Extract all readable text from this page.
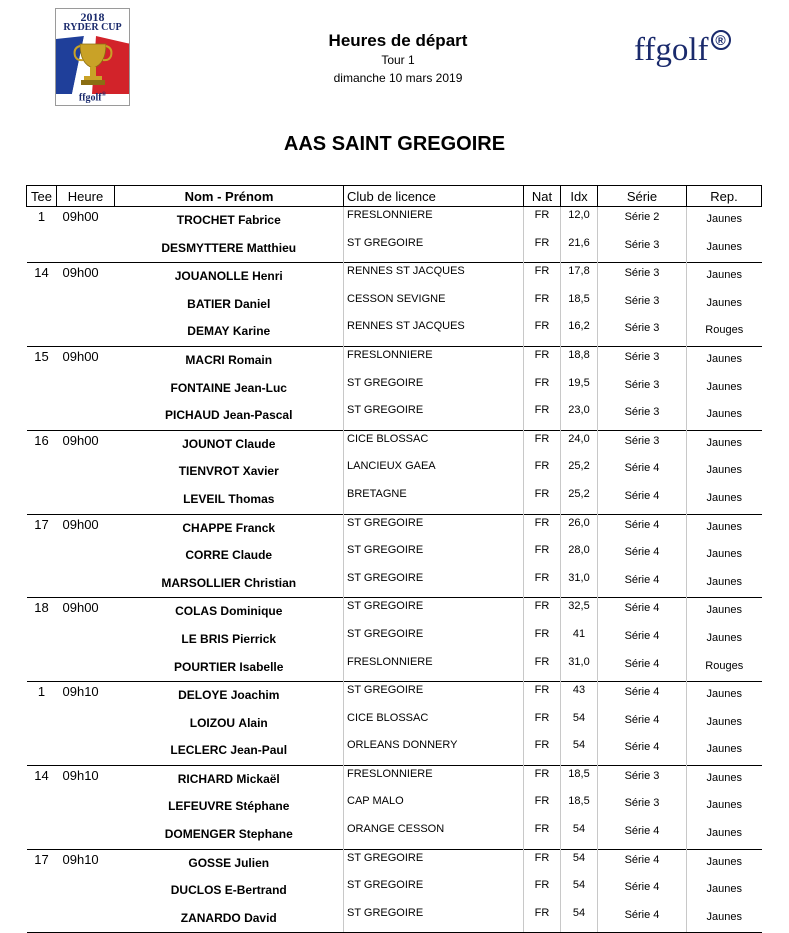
2018
RYDER CUP
ffgolf®
Heures de départ
Tour 1
dimanche 10 mars 2019
ffgolf ®
AAS SAINT GREGOIRE
Tee	Heure	Nom - Prénom	Club de licence	Nat	Idx	Série	Rep.
1	09h00	TROCHET Fabrice	FRESLONNIERE	FR	12,0	Série 2	Jaunes
		DESMYTTERE Matthieu	ST GREGOIRE	FR	21,6	Série 3	Jaunes
14	09h00	JOUANOLLE Henri	RENNES ST JACQUES	FR	17,8	Série 3	Jaunes
		BATIER Daniel	CESSON SEVIGNE	FR	18,5	Série 3	Jaunes
		DEMAY Karine	RENNES ST JACQUES	FR	16,2	Série 3	Rouges
15	09h00	MACRI Romain	FRESLONNIERE	FR	18,8	Série 3	Jaunes
		FONTAINE Jean-Luc	ST GREGOIRE	FR	19,5	Série 3	Jaunes
		PICHAUD Jean-Pascal	ST GREGOIRE	FR	23,0	Série 3	Jaunes
16	09h00	JOUNOT Claude	CICE BLOSSAC	FR	24,0	Série 3	Jaunes
		TIENVROT Xavier	LANCIEUX GAEA	FR	25,2	Série 4	Jaunes
		LEVEIL Thomas	BRETAGNE	FR	25,2	Série 4	Jaunes
17	09h00	CHAPPE Franck	ST GREGOIRE	FR	26,0	Série 4	Jaunes
		CORRE Claude	ST GREGOIRE	FR	28,0	Série 4	Jaunes
		MARSOLLIER Christian	ST GREGOIRE	FR	31,0	Série 4	Jaunes
18	09h00	COLAS Dominique	ST GREGOIRE	FR	32,5	Série 4	Jaunes
		LE BRIS Pierrick	ST GREGOIRE	FR	41	Série 4	Jaunes
		POURTIER Isabelle	FRESLONNIERE	FR	31,0	Série 4	Rouges
1	09h10	DELOYE Joachim	ST GREGOIRE	FR	43	Série 4	Jaunes
		LOIZOU Alain	CICE BLOSSAC	FR	54	Série 4	Jaunes
		LECLERC Jean-Paul	ORLEANS DONNERY	FR	54	Série 4	Jaunes
14	09h10	RICHARD Mickaël	FRESLONNIERE	FR	18,5	Série 3	Jaunes
		LEFEUVRE Stéphane	CAP MALO	FR	18,5	Série 3	Jaunes
		DOMENGER Stephane	ORANGE CESSON	FR	54	Série 4	Jaunes
17	09h10	GOSSE Julien	ST GREGOIRE	FR	54	Série 4	Jaunes
		DUCLOS E-Bertrand	ST GREGOIRE	FR	54	Série 4	Jaunes
		ZANARDO David	ST GREGOIRE	FR	54	Série 4	Jaunes
